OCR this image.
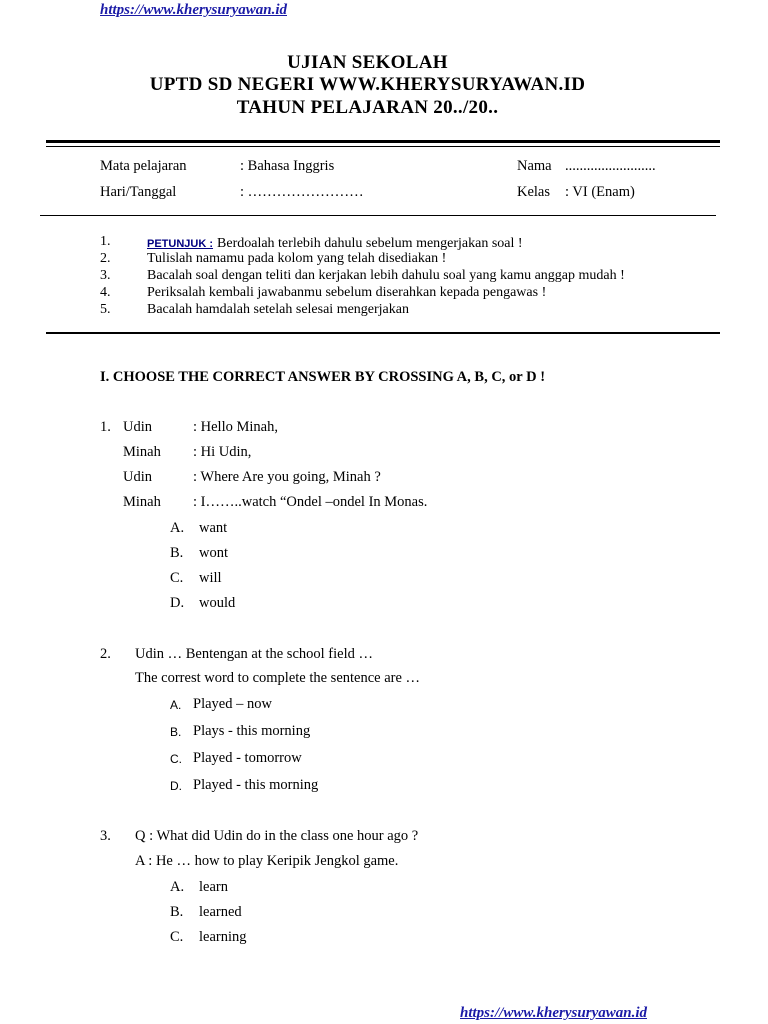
https://www.kherysuryawan.id
UJIAN SEKOLAH
UPTD SD NEGERI WWW.KHERYSURYAWAN.ID
TAHUN PELAJARAN 20../20..
Mata pelajaran	: Bahasa Inggris	Nama .........................
Hari/Tanggal	: ……………………	Kelas : VI (Enam)
1.	PETUNJUK : Berdoalah terlebih dahulu sebelum mengerjakan soal !
2.	Tulislah namamu pada kolom yang telah disediakan !
3.	Bacalah soal dengan teliti dan kerjakan lebih dahulu soal yang kamu anggap mudah !
4.	Periksalah kembali jawabanmu sebelum diserahkan kepada pengawas !
5.	Bacalah hamdalah setelah selesai mengerjakan
I. CHOOSE THE CORRECT ANSWER BY CROSSING A, B, C, or D !
1. Udin	: Hello Minah,
Minah : Hi Udin,
Udin	: Where Are you going, Minah ?
Minah : I……..watch “Ondel –ondel In Monas.
A. want
B. wont
C. will
D. would
2. Udin … Bentengan at the school field …
The correst word to complete the sentence are …
A. Played – now
B. Plays - this morning
C. Played - tomorrow
D. Played - this morning
3. Q : What did Udin do in the class one hour ago ?
A : He … how to play Keripik Jengkol game.
A. learn
B. learned
C. learning
https://www.kherysuryawan.id
